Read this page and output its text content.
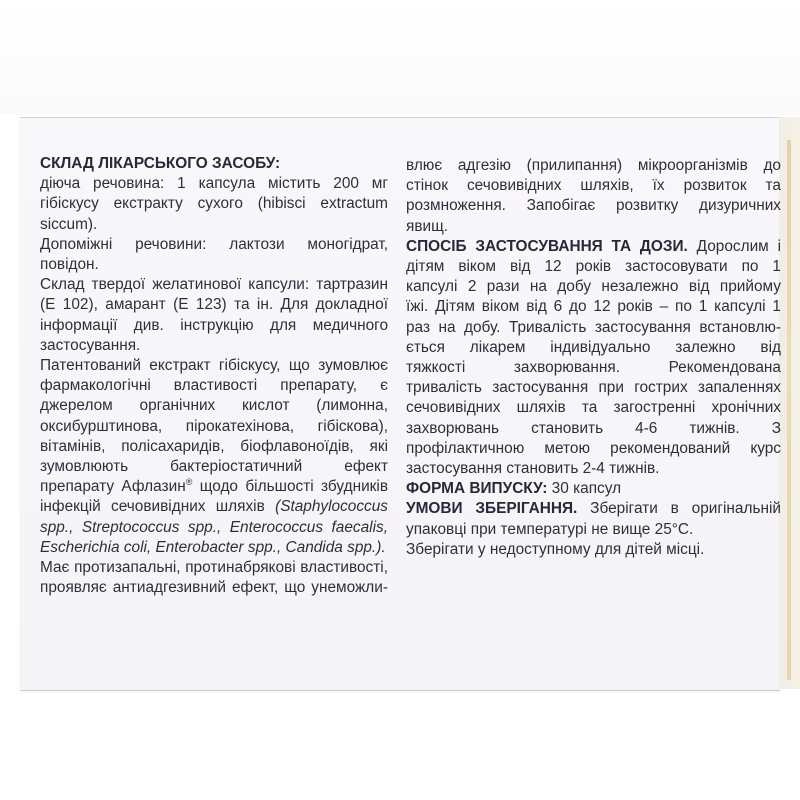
СКЛАД ЛІКАРСЬКОГО ЗАСОБУ:
діюча речовина: 1 капсула містить 200 мг
гібіскусу екстракту сухого (hibisci extractum
siccum).
Допоміжні речовини: лактози моногідрат, повідон.
Склад твердої желатинової капсули: тартразин
(Е 102), амарант (Е 123) та ін. Для докладної
інформації див. інструкцію для медичного
застосування.
Патентований екстракт гібіскусу, що зумовлює
фармакологічні властивості препарату, є
джерелом органічних кислот (лимонна,
оксибурштинова, пірокатехінова, гібіскова),
вітамінів, полісахаридів, біофлавоноїдів, які
зумовлюють бактеріостатичний ефект
препарату Афлазин® щодо більшості збудників
інфекцій сечовивідних шляхів (Staphylococcus
spp., Streptococcus spp., Enterococcus faecalis,
Escherichia coli, Enterobacter spp., Candida spp.).
Має протизапальні, протинабрякові властивості,
проявляє антиадгезивний ефект, що унеможли-
влює адгезію (прилипання) мікроорганізмів до
стінок сечовивідних шляхів, їх розвиток та
розмноження. Запобігає розвитку дизуричних
явищ.
СПОСІБ ЗАСТОСУВАННЯ ТА ДОЗИ. Дорослим і
дітям віком від 12 років застосовувати по 1
капсулі 2 рази на добу незалежно від прийому
їжі. Дітям віком від 6 до 12 років – по 1 капсулі 1
раз на добу. Тривалість застосування встановлю-
ється лікарем індивідуально залежно від
тяжкості захворювання. Рекомендована
тривалість застосування при гострих запаленнях
сечовивідних шляхів та загостренні хронічних
захворювань становить 4-6 тижнів. З
профілактичною метою рекомендований курс
застосування становить 2-4 тижнів.
ФОРМА ВИПУСКУ: 30 капсул
УМОВИ ЗБЕРІГАННЯ. Зберігати в оригінальній
упаковці при температурі не вище 25°С.
Зберігати у недоступному для дітей місці.
